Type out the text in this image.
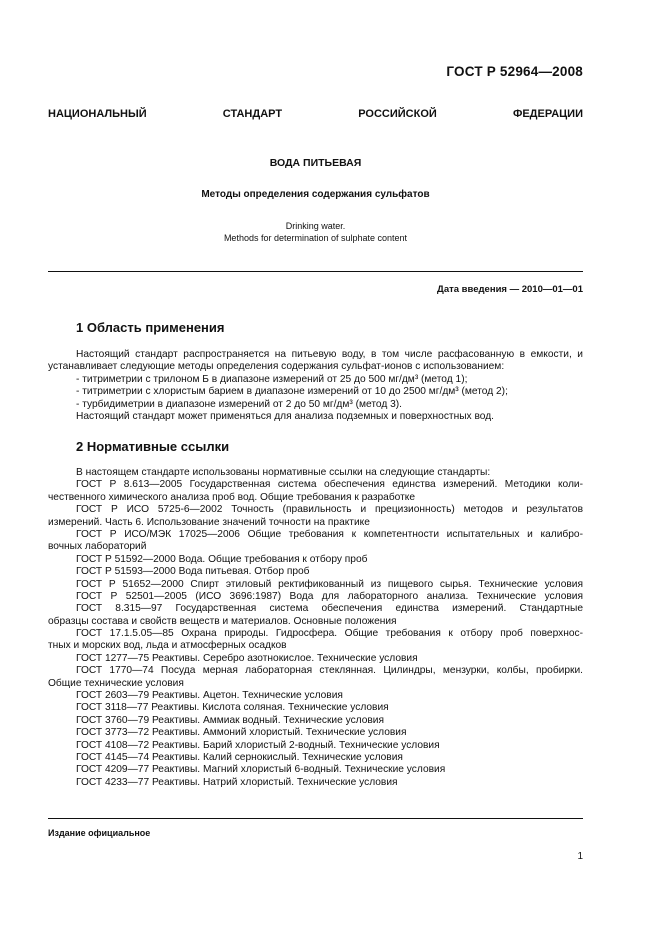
ГОСТ Р 52964—2008
НАЦИОНАЛЬНЫЙ	СТАНДАРТ	РОССИЙСКОЙ	ФЕДЕРАЦИИ
ВОДА ПИТЬЕВАЯ
Методы определения содержания сульфатов
Drinking water.
Methods for determination of sulphate content
Дата введения — 2010—01—01
1 Область применения
Настоящий стандарт распространяется на питьевую воду, в том числе расфасованную в емкости, и
устанавливает следующие методы определения содержания сульфат-ионов с использованием:
- титриметрии с трилоном Б в диапазоне измерений от 25 до 500 мг/дм³ (метод 1);
- титриметрии с хлористым барием в диапазоне измерений от 10 до 2500 мг/дм³ (метод 2);
- турбидиметрии в диапазоне измерений от 2 до 50 мг/дм³ (метод 3).
Настоящий стандарт может применяться для анализа подземных и поверхностных вод.
2 Нормативные ссылки
В настоящем стандарте использованы нормативные ссылки на следующие стандарты:
ГОСТ Р 8.613—2005 Государственная система обеспечения единства измерений. Методики коли-
чественного химического анализа проб вод. Общие требования к разработке
ГОСТ Р ИСО 5725-6—2002 Точность (правильность и прецизионность) методов и результатов
измерений. Часть 6. Использование значений точности на практике
ГОСТ Р ИСО/МЭК 17025—2006 Общие требования к компетентности испытательных и калибро-
вочных лабораторий
ГОСТ Р 51592—2000 Вода. Общие требования к отбору проб
ГОСТ Р 51593—2000 Вода питьевая. Отбор проб
ГОСТ Р 51652—2000 Спирт этиловый ректификованный из пищевого сырья. Технические условия
ГОСТ Р 52501—2005 (ИСО 3696:1987) Вода для лабораторного анализа. Технические условия
ГОСТ 8.315—97 Государственная система обеспечения единства измерений. Стандартные
образцы состава и свойств веществ и материалов. Основные положения
ГОСТ 17.1.5.05—85 Охрана природы. Гидросфера. Общие требования к отбору проб поверхнос-
тных и морских вод, льда и атмосферных осадков
ГОСТ 1277—75 Реактивы. Серебро азотнокислое. Технические условия
ГОСТ 1770—74 Посуда мерная лабораторная стеклянная. Цилиндры, мензурки, колбы, пробирки.
Общие технические условия
ГОСТ 2603—79 Реактивы. Ацетон. Технические условия
ГОСТ 3118—77 Реактивы. Кислота соляная. Технические условия
ГОСТ 3760—79 Реактивы. Аммиак водный. Технические условия
ГОСТ 3773—72 Реактивы. Аммоний хлористый. Технические условия
ГОСТ 4108—72 Реактивы. Барий хлористый 2-водный. Технические условия
ГОСТ 4145—74 Реактивы. Калий сернокислый. Технические условия
ГОСТ 4209—77 Реактивы. Магний хлористый 6-водный. Технические условия
ГОСТ 4233—77 Реактивы. Натрий хлористый. Технические условия
Издание официальное
1
